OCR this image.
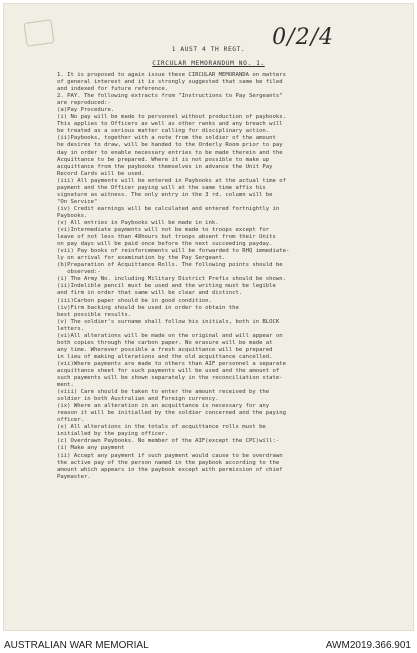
0/2/4
1 AUST 4 TH REGT.
CIRCULAR MEMORANDUM NO. 1.
1. It is proposed to again issue these CIRCULAR MEMORANDA on matters
of general interest and it is strongly suggested that same be filed
and indexed for future reference.
2. PAY. The following extracts from "Instructions to Pay Sergeants"
are reproduced:-
(a)Pay Procedure.
(i) No pay will be made to personnel without production of paybooks.
This applies to Officers as well as other ranks and any breach will
be treated as a serious matter calling for disciplinary action.
(ii)Paybooks, together with a note from the soldier of the amount
he desires to draw, will be handed to the Orderly Room prior to pay
day in order to enable necessary entries to be made therein and the
Acquittance to be prepared. Where it is not possible to make up
acquittance from the paybooks themselves in advance the Unit Pay
Record Cards will be used.
(iii) All payments will be entered in Paybooks at the actual time of
payment and the Officer paying will at the same time affix his
signature as witness. The only entry in the 3 rd. column will be
"On Service"
(iv) Credit earnings will be calculated and entered fortnightly in
Paybooks.
(v) All entries in Paybooks will be made in ink.
(vi)Intermediate payments will not be made to troops except for
leave of not less than 48hours but troops absent from their Units
on pay days will be paid once before the next succeeding payday.
(vii) Pay books of reinforcements will be forwarded to RHQ immediate-
ly on arrival for examination by the Pay Sergeant.
(b)Preparation of Acquittance Rolls. The following points should be
observed:-
(i) The Army No. including Military District Prefix should be shown.
(ii)Indelible pencil must be used and the writing must be legible
and firm in order that same will be clear and distinct.
(iii)Carbon paper should be in good condition.
(iv)Firm backing should be used in order to obtain the
best possible results.
(v) The soldier's surname shall follow his initials, both in BLOCK
letters.
(vi)All alterations will be made on the original and will appear on
both copies through the carbon paper. No erasure will be made at
any time. Wherever possible a fresh acquittance will be prepared
in lieu of making alterations and the old acquittance cancelled.
(vii)Where payments are made to others than AIF personnel a separate
acquittance sheet for such payments will be used and the amount of
such payments will be shown separately in the reconciliation state-
ment.
(viii) Care should be taken to enter the amount received by the
soldier in both Australian and Foreign currency.
(ix) Where an alteration in an acquittance is necessary for any
reason it will be initialled by the soldier concerned and the paying
officer.
(x) All alterations in the totals of acquittance rolls must be
initialled by the paying officer.
(c) Overdrawn Paybooks. No member of the AIF(except the CPC)will:-
(i) Make any payment
(ii) Accept any payment if such payment would cause to be overdrawn
the active pay of the person named in the paybook according to the
amount which appears in the paybook except with permission of chief
Paymaster.
AUSTRALIAN WAR MEMORIAL	AWM2019.366.901
